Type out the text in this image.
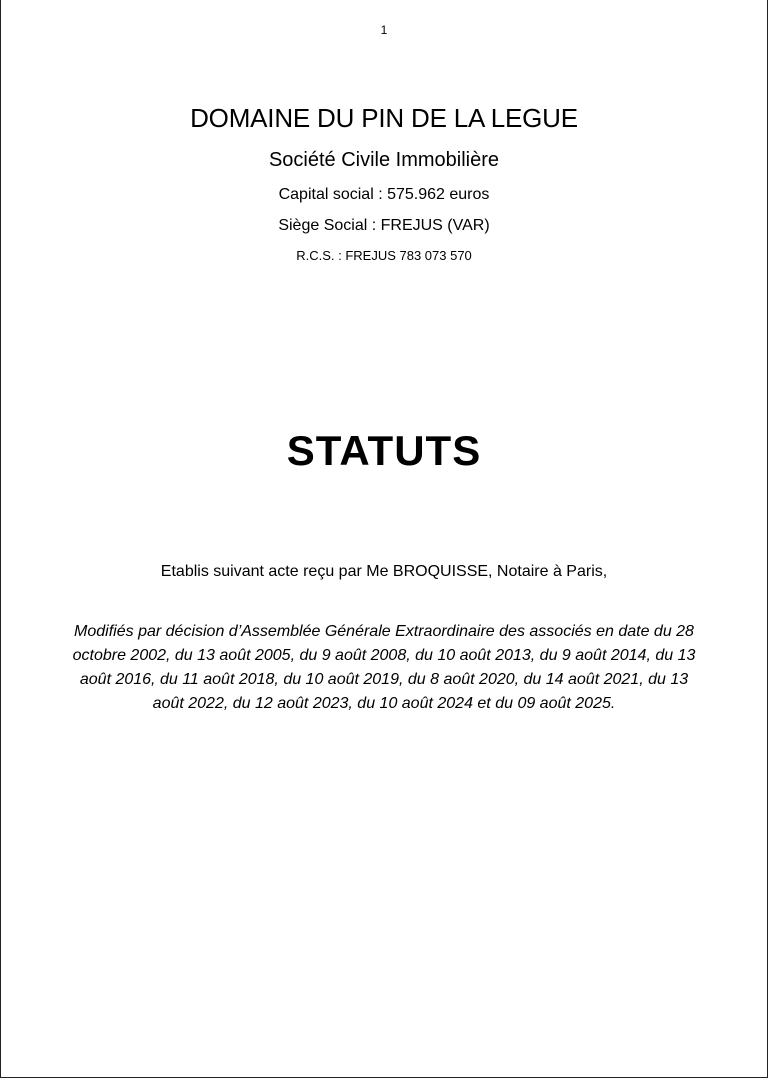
1
DOMAINE DU PIN DE LA LEGUE
Société Civile Immobilière
Capital social : 575.962 euros
Siège Social : FREJUS (VAR)
R.C.S. : FREJUS 783 073 570
STATUTS
Etablis suivant acte reçu par Me BROQUISSE, Notaire à Paris,
Modifiés par décision d’Assemblée Générale Extraordinaire des associés en date du 28 octobre 2002, du 13 août 2005, du 9 août 2008, du 10 août 2013, du 9 août 2014, du 13 août 2016, du 11 août 2018, du 10 août 2019, du 8 août 2020, du 14 août 2021, du 13 août 2022, du 12 août 2023, du 10 août 2024 et du 09 août 2025.
